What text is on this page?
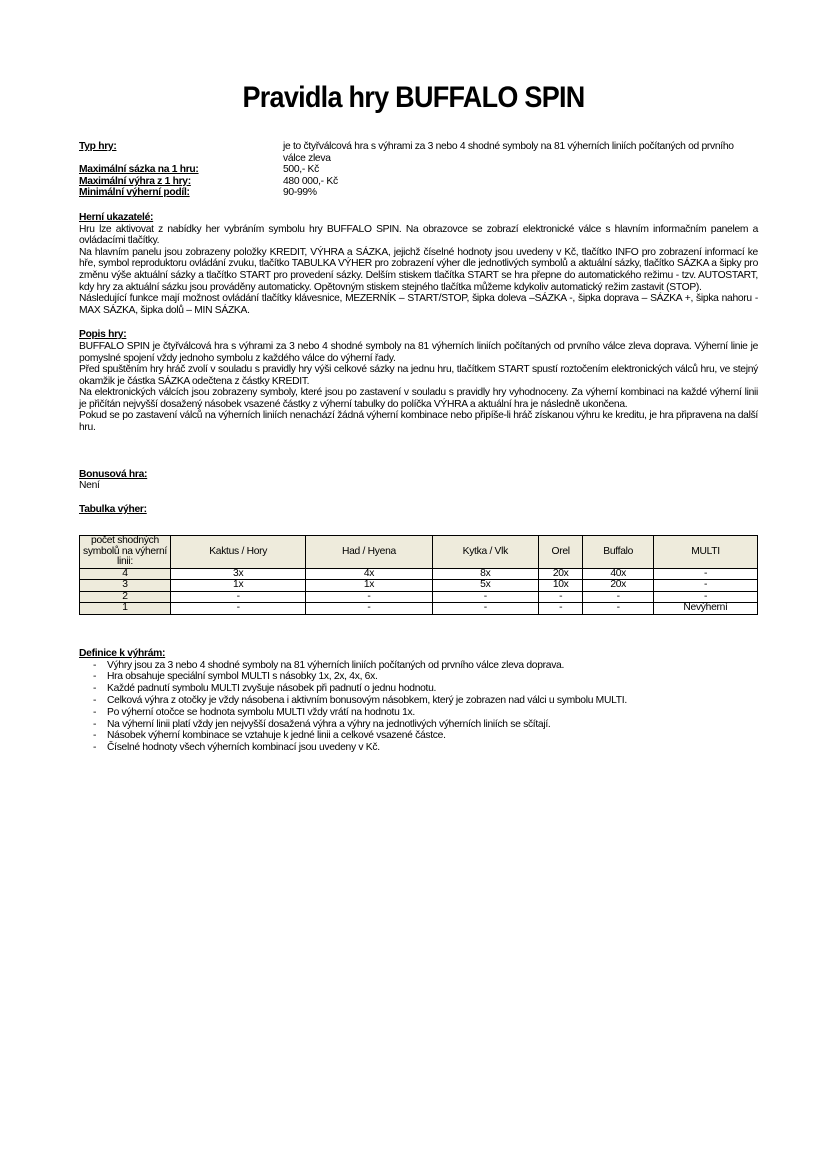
Pravidla hry BUFFALO SPIN
Typ hry:	je to čtyřválcová hra s výhrami za 3 nebo 4 shodné symboly na 81 výherních liniích počítaných od prvního válce zleva
Maximální sázka na 1 hru:	500,- Kč
Maximální výhra z 1 hry:	480 000,- Kč
Minimální výherní podíl:	90-99%
Herní ukazatelé:

Hru lze aktivovat z nabídky her vybráním symbolu hry BUFFALO SPIN. Na obrazovce se zobrazí elektronické válce s hlavním informačním panelem a ovládacími tlačítky.

Na hlavním panelu jsou zobrazeny položky KREDIT, VÝHRA a SÁZKA, jejichž číselné hodnoty jsou uvedeny v Kč, tlačítko INFO pro zobrazení informací ke hře, symbol reproduktoru ovládání zvuku, tlačítko TABULKA VÝHER pro zobrazení výher dle jednotlivých symbolů a aktuální sázky, tlačítko SÁZKA a šipky pro změnu výše aktuální sázky a tlačítko START pro provedení sázky. Delším stiskem tlačítka START se hra přepne do automatického režimu - tzv. AUTOSTART, kdy hry za aktuální sázku jsou prováděny automaticky. Opětovným stiskem stejného tlačítka můžeme kdykoliv automatický režim zastavit (STOP).

Následující funkce mají možnost ovládání tlačítky klávesnice, MEZERNÍK – START/STOP, šipka doleva –SÁZKA -, šipka doprava – SÁZKA +, šipka nahoru - MAX SÁZKA, šipka dolů – MIN SÁZKA.

Popis hry:

BUFFALO SPIN je čtyřválcová hra s výhrami za 3 nebo 4 shodné symboly na 81 výherních liniích počítaných od prvního válce zleva doprava. Výherní linie je pomyslné spojení vždy jednoho symbolu z každého válce do výherní řady.

Před spuštěním hry hráč zvolí v souladu s pravidly hry výši celkové sázky na jednu hru, tlačítkem START spustí roztočením elektronických válců hru, ve stejný okamžik je částka SÁZKA odečtena z částky KREDIT.

Na elektronických válcích jsou zobrazeny symboly, které jsou po zastavení v souladu s pravidly hry vyhodnoceny. Za výherní kombinaci na každé výherní linii je přičítán nejvyšší dosažený násobek vsazené částky z výherní tabulky do políčka VÝHRA a aktuální hra je následně ukončena.

Pokud se po zastavení válců na výherních liniích nenachází žádná výherní kombinace nebo připíše-li hráč získanou výhru ke kreditu, je hra připravena na další hru.

Bonusová hra:
Není
Tabulka výher:
počet shodných symbolů na výherní linii:	Kaktus / Hory	Had / Hyena	Kytka / Vlk	Orel	Buffalo	MULTI
4	3x	4x	8x	20x	40x	-
3	1x	1x	5x	10x	20x	-
2	-	-	-	-	-	-
1	-	-	-	-	-	Nevýherní
Definice k výhrám:
- Výhry jsou za 3 nebo 4 shodné symboly na 81 výherních liniích počítaných od prvního válce zleva doprava.
- Hra obsahuje speciální symbol MULTI s násobky 1x, 2x, 4x, 6x.
- Každé padnutí symbolu MULTI zvyšuje násobek při padnutí o jednu hodnotu.
- Celková výhra z otočky je vždy násobena i aktivním bonusovým násobkem, který je zobrazen nad válci u symbolu MULTI.
- Po výherní otočce se hodnota symbolu MULTI vždy vrátí na hodnotu 1x.
- Na výherní linii platí vždy jen nejvyšší dosažená výhra a výhry na jednotlivých výherních liniích se sčítají.
- Násobek výherní kombinace se vztahuje k jedné linii a celkové vsazené částce.
- Číselné hodnoty všech výherních kombinací jsou uvedeny v Kč.
